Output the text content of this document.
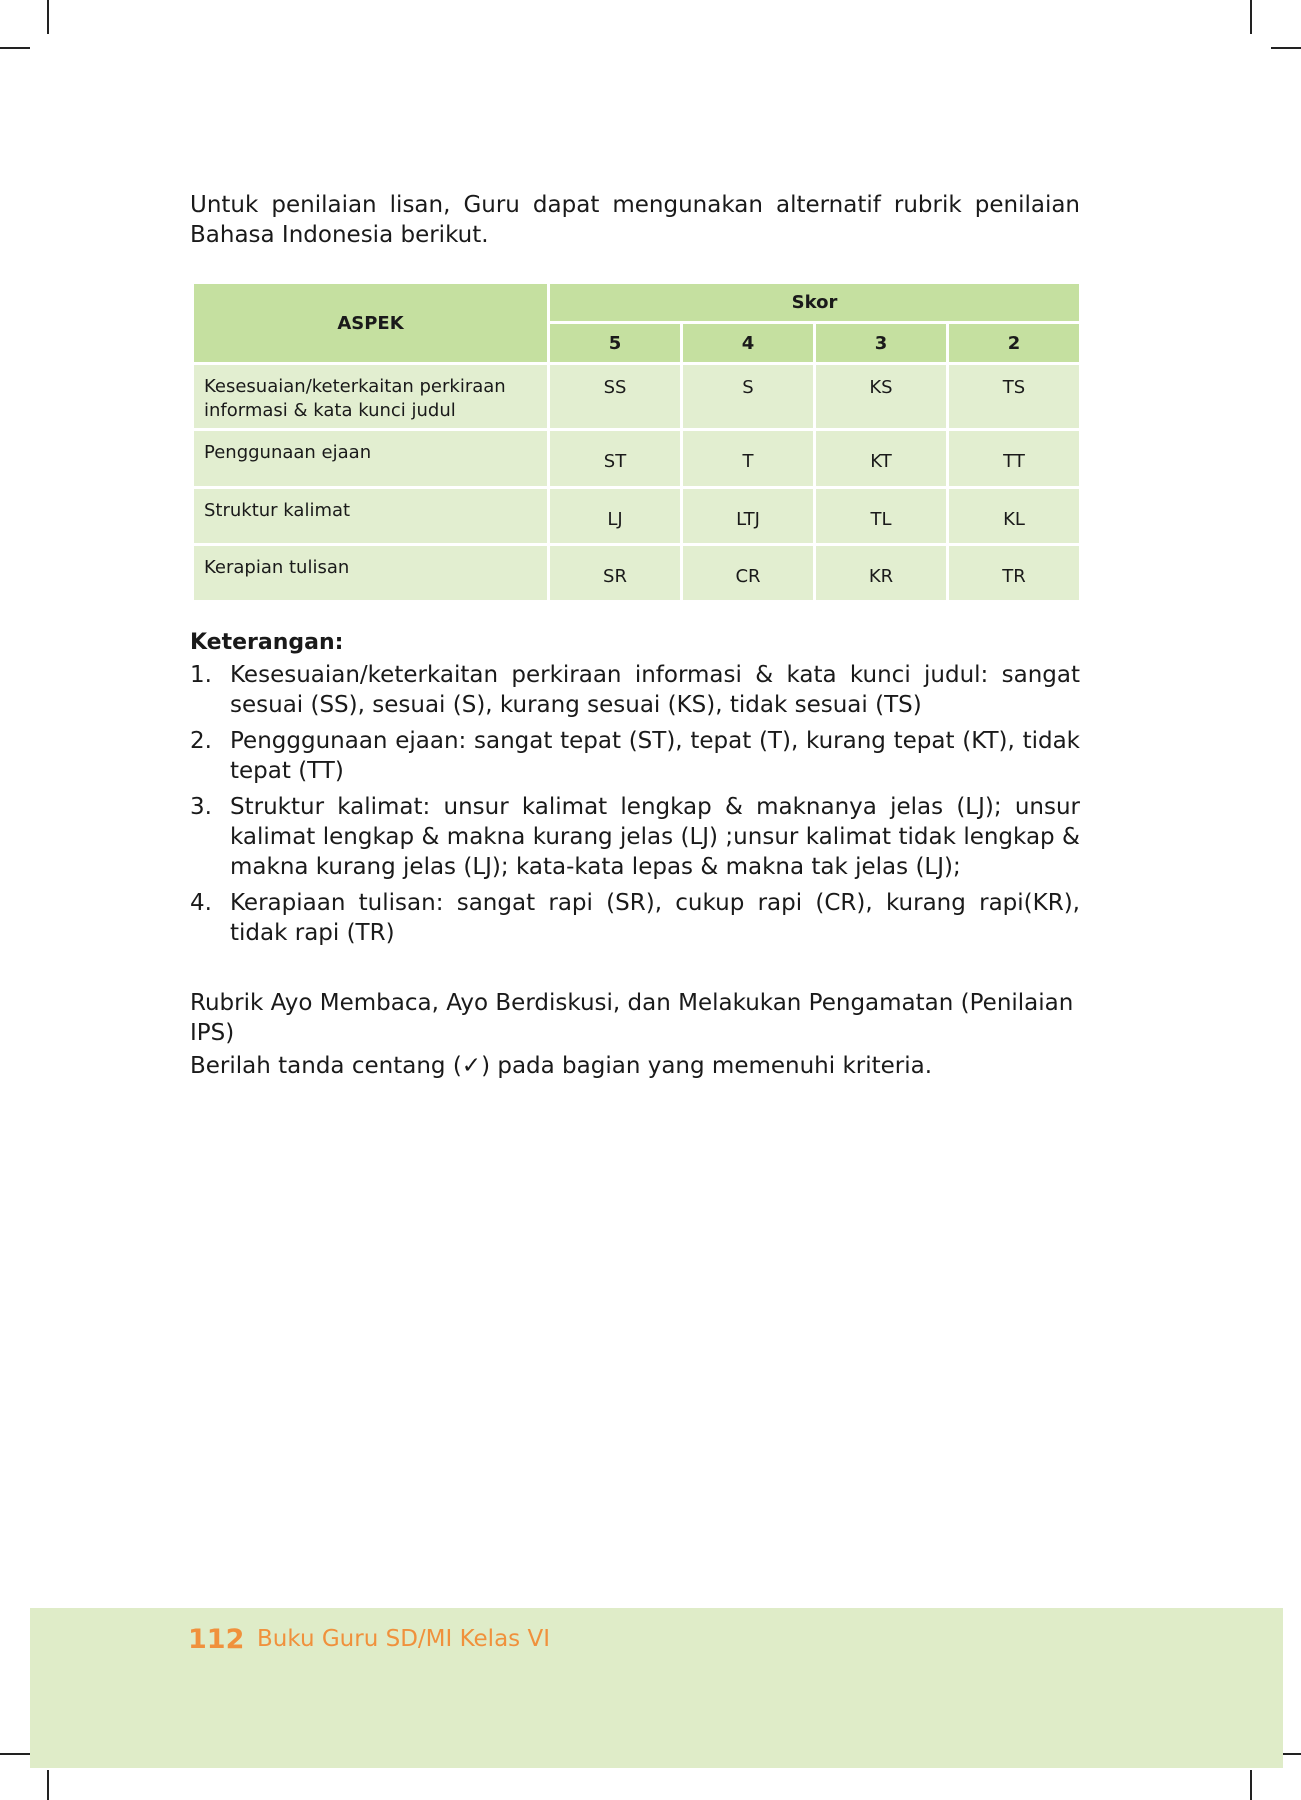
Untuk penilaian lisan, Guru dapat mengunakan alternatif rubrik penilaian Bahasa Indonesia berikut.

ASPEK	Skor			
	5	4	3	2
Kesesuaian/keterkaitan perkiraan informasi & kata kunci judul	SS	S	KS	TS
Penggunaan ejaan	ST	T	KT	TT
Struktur kalimat	LJ	LTJ	TL	KL
Kerapian tulisan	SR	CR	KR	TR

Keterangan:

1. Kesesuaian/keterkaitan perkiraan informasi & kata kunci judul: sangat sesuai (SS), sesuai (S), kurang sesuai (KS), tidak sesuai (TS)
2. Pengggunaan ejaan: sangat tepat (ST), tepat (T), kurang tepat (KT), tidak tepat (TT)
3. Struktur kalimat: unsur kalimat lengkap & maknanya jelas (LJ); unsur kalimat lengkap & makna kurang jelas (LJ) ;unsur kalimat tidak lengkap & makna kurang jelas (LJ); kata-kata lepas & makna tak jelas (LJ);
4. Kerapiaan tulisan: sangat rapi (SR), cukup rapi (CR), kurang rapi(KR), tidak rapi (TR)

Rubrik Ayo Membaca, Ayo Berdiskusi, dan Melakukan Pengamatan (Penilaian IPS)

Berilah tanda centang (✓) pada bagian yang memenuhi kriteria.

112 Buku Guru SD/MI Kelas VI
